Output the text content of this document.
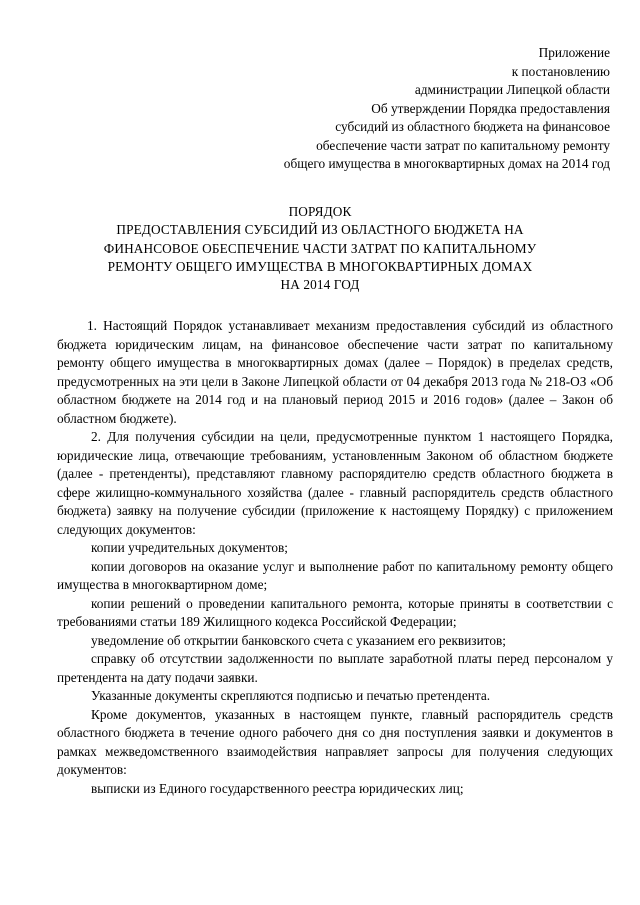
Приложение
к постановлению
администрации Липецкой области
Об утверждении Порядка предоставления
субсидий из областного бюджета на финансовое
обеспечение части затрат по капитальному ремонту
общего имущества в многоквартирных домах на 2014 год
ПОРЯДОК
ПРЕДОСТАВЛЕНИЯ СУБСИДИЙ ИЗ ОБЛАСТНОГО БЮДЖЕТА НА
ФИНАНСОВОЕ ОБЕСПЕЧЕНИЕ ЧАСТИ ЗАТРАТ ПО КАПИТАЛЬНОМУ
РЕМОНТУ ОБЩЕГО ИМУЩЕСТВА В МНОГОКВАРТИРНЫХ ДОМАХ
НА 2014 ГОД

1. Настоящий Порядок устанавливает механизм предоставления субсидий из областного бюджета юридическим лицам, на финансовое обеспечение части затрат по капитальному ремонту общего имущества в многоквартирных домах (далее – Порядок) в пределах средств, предусмотренных на эти цели в Законе Липецкой области от 04 декабря 2013 года № 218-ОЗ «Об областном бюджете на 2014 год и на плановый период 2015 и 2016 годов» (далее – Закон об областном бюджете).

2. Для получения субсидии на цели, предусмотренные пунктом 1 настоящего Порядка, юридические лица, отвечающие требованиям, установленным Законом об областном бюджете (далее - претенденты), представляют главному распорядителю средств областного бюджета в сфере жилищно-коммунального хозяйства (далее - главный распорядитель средств областного бюджета) заявку на получение субсидии (приложение к настоящему Порядку) с приложением следующих документов:

копии учредительных документов;

копии договоров на оказание услуг и выполнение работ по капитальному ремонту общего имущества в многоквартирном доме;

копии решений о проведении капитального ремонта, которые приняты в соответствии с требованиями статьи 189 Жилищного кодекса Российской Федерации;

уведомление об открытии банковского счета с указанием его реквизитов;

справку об отсутствии задолженности по выплате заработной платы перед персоналом у претендента на дату подачи заявки.

Указанные документы скрепляются подписью и печатью претендента.

Кроме документов, указанных в настоящем пункте, главный распорядитель средств областного бюджета в течение одного рабочего дня со дня поступления заявки и документов в рамках межведомственного взаимодействия направляет запросы для получения следующих документов:

выписки из Единого государственного реестра юридических лиц;
